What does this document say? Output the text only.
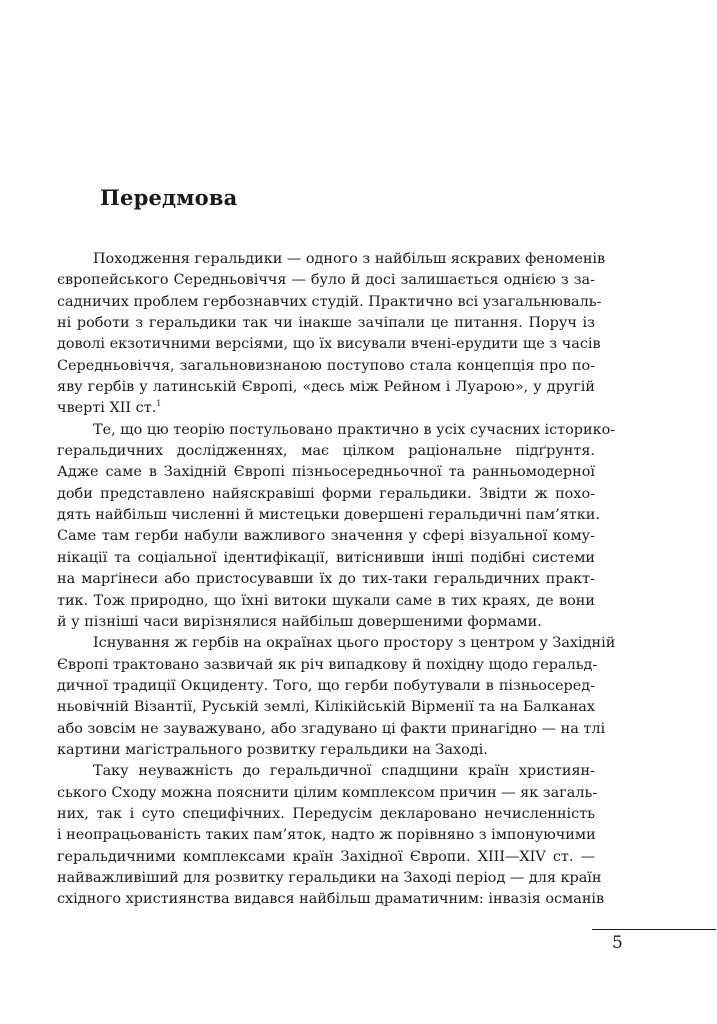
Передмова
Походження геральдики — одного з найбільш яскравих феноменів
європейського Середньовіччя — було й досі залишається однією з за-
садничих проблем гербознавчих студій. Практично всі узагальнюваль-
ні роботи з геральдики так чи інакше зачіпали це питання. Поруч із
доволі екзотичними версіями, що їх висували вчені-ерудити ще з часів
Середньовіччя, загальновизнаною поступово стала концепція про по-
яву гербів у латинській Європі, «десь між Рейном і Луарою», у другій
чверті XII ст.$^1$
Те, що цю теорію постульовано практично в усіх сучасних історико-
геральдичних дослідженнях, має цілком раціональне підґрунтя.
Адже саме в Західній Європі пізньосередньочної та ранньомодерної
доби представлено найяскравіші форми геральдики. Звідти ж похо-
дять найбільш численні й мистецьки довершені геральдичні пам’ятки.
Саме там герби набули важливого значення у сфері візуальної кому-
нікації та соціальної ідентифікації, витіснивши інші подібні системи
на марґінеси або пристосувавши їх до тих-таки геральдичних практ-
тик. Тож природно, що їхні витоки шукали саме в тих краях, де вони
й у пізніші часи вирізнялися найбільш довершеними формами.
Існування ж гербів на окраїнах цього простору з центром у Західній
Європі трактовано зазвичай як річ випадкову й похідну щодо геральд-
дичної традиції Окциденту. Того, що герби побутували в пізньосеред-
ньовічній Візантії, Руській землі, Кілікійській Вірменії та на Балканах
або зовсім не зауважувано, або згадувано ці факти принагідно — на тлі
картини магістрального розвитку геральдики на Заході.
Таку неуважність до геральдичної спадщини країн християн-
ського Сходу можна пояснити цілим комплексом причин — як загаль-
них, так і суто специфічних. Передусім декларовано нечисленність
і неопрацьованість таких пам’яток, надто ж порівняно з імпонуючими
геральдичними комплексами країн Західної Європи. XIII—XIV ст. —
найважливіший для розвитку геральдики на Заході період — для країн
східного християнства видався найбільш драматичним: інвазія османів
5
